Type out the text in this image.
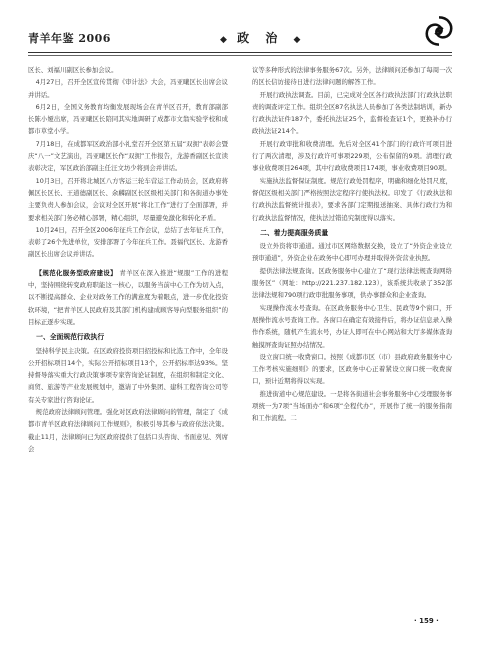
青羊年鉴 2006	◆ 政 治 ◆

区长、刘福川副区长参加会议。

4月27日，召开全区宣传贯彻《审计法》大会，冯亚曦区长出席会议并讲话。

6月2日，全国义务教育均衡发展现场会在青羊区召开，教育部副部长陈小娅出席，冯亚曦区长陪同其实地调研了成都市文翁实验学校和成都市草堂小学。

7月18日，在成都军区政治部小礼堂召开全区第五届“双拥”表彰会暨庆“八一”文艺演出，冯亚曦区长作“双拥”工作报告，龙游香副区长宣读表彰决定，军区政治部副主任汪文坊少将到会并讲话。

10月3日，召开将北城区八方客运三轮车营运工作动员会，区政府蒋佩区长区长、王道德副区长、余麟副区长区级相关部门和各街道办事处主要负责人参加会议，会议对全区开展“将北工作”进行了全面部署，并要求相关部门务必精心部署，精心组织，尽量避免激化和转化矛盾。

10月24日，召开全区2006年征兵工作会议，总结了去年征兵工作，表彰了26个先进单位，安排部署了今年征兵工作。聂福代区长、龙游香副区长出席会议并讲话。

【规范化服务型政府建设】 青羊区在深入推进“规服”工作的进程中，坚持围绕转变政府职能这一核心，以服务当前中心工作为切入点，以不断提高群众、企业对政务工作的满意度为着眼点，进一步优化投资软环境，“把青羊区人民政府及其部门机构建成顾客导向型服务组织”的目标正逐步实现。

一、全面规范行政执行

坚持科学民主决策。在区政府投资项目招投标和比选工作中，全年设公开招标项目14个，实际公开招标项目13个，公开招标率达93%。坚持督导落实重大行政决策事项专家咨询论证制度，在组织和制定文化、商贸、旅游等产业发展规划中，邀请了中外集团、建科工程咨询公司等有关专家进行咨询论证。

规范政府法律顾问管理。强化对区政府法律顾问的管理，制定了《成都市青羊区政府法律顾问工作规则》，积极引导其参与政府依法决策。截止11月，法律顾问已为区政府提供了包括口头咨询、书面意见、列席会

议等多种形式的法律事务服务67次。另外，法律顾问还参加了每周一次的区长信访接待日进行法律问题的解答工作。

开展行政执法调查。目前，已完成对全区各行政执法部门行政执法职责的调查评定工作。组织全区87名执法人员参加了各类法制培训，新办行政执法证件187个，委托执法证25个，监督检查证1个，更换补办行政执法证214个。

开展行政审批和收费清理。先后对全区41个部门的行政许可项目进行了两次清理，涉及行政许可事项229项，公布保留的9项。清理行政事业收费项目264项，其中行政收费项目174项，事业收费项目90项。

实施执法监督保证制度。规范行政处罚程序，明确和细化处罚尺度，督促区级相关部门严格按照法定程序行使执法权。印发了《行政执法和行政执法监督统计报表》，要求各部门定期报送抽案、具体行政行为和行政执法监督情况，使执法过错追究制度得以落实。

二、着力提高服务质量

设立外资将审通道。通过市区网络数据交换，设立了“外资企业设立预审通道”，外资企业在政务中心即可办理并取得外资营业执照。

提供法律法规查询。区政务服务中心建立了“现行法律法规查询网络服务区”（网址：http://221.237.182.123），该系统共收录了352部法律法规和790项行政审批服务事项，供办事群众和企业查询。

实现操作流水号查询。在区政务服务中心卫生、民政等9个窗口，开展操作流水号查询工作。各窗口在确定有效接件后，将办证信息录入操作作系统，随机产生流水号，办证人即可在中心网站和大厅多媒体查询触摸屏查询证照办结情况。

设立窗口统一收费窗口。按照《成都市区（市）县政府政务服务中心工作考核实施细则》的要求，区政务中心正着紧设立窗口统一收费窗口，预计近期将得以实现。

推进街道中心规范建设。一是将各街道社会事务服务中心受理服务事项统一为7项“当场面办”和6项“全程代办”，开展作了统一的服务指南和工作流程。二

· 159 ·
